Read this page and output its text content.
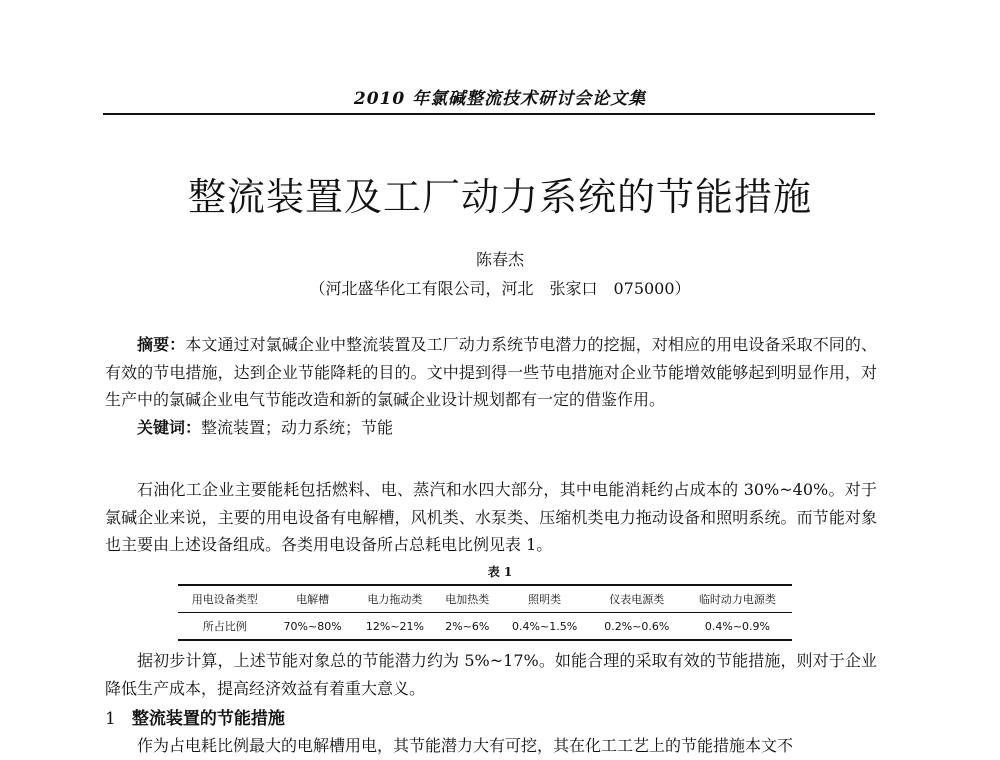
2010 年氯碱整流技术研讨会论文集
整流装置及工厂动力系统的节能措施
陈春杰
（河北盛华化工有限公司，河北　张家口　075000）

摘要：本文通过对氯碱企业中整流装置及工厂动力系统节电潜力的挖掘，对相应的用电设备采取不同的、有效的节电措施，达到企业节能降耗的目的。文中提到得一些节电措施对企业节能增效能够起到明显作用，对生产中的氯碱企业电气节能改造和新的氯碱企业设计规划都有一定的借鉴作用。

关键词：整流装置；动力系统；节能

石油化工企业主要能耗包括燃料、电、蒸汽和水四大部分，其中电能消耗约占成本的 30%~40%。对于氯碱企业来说，主要的用电设备有电解槽，风机类、水泵类、压缩机类电力拖动设备和照明系统。而节能对象也主要由上述设备组成。各类用电设备所占总耗电比例见表 1。

表 1
用电设备类型	电解槽	电力拖动类	电加热类	照明类	仪表电源类	临时动力电源类
所占比例	70%~80%	12%~21%	2%~6%	0.4%~1.5%	0.2%~0.6%	0.4%~0.9%

据初步计算，上述节能对象总的节能潜力约为 5%~17%。如能合理的采取有效的节能措施，则对于企业降低生产成本，提高经济效益有着重大意义。

1 整流装置的节能措施

作为占电耗比例最大的电解槽用电，其节能潜力大有可挖，其在化工工艺上的节能措施本文不
